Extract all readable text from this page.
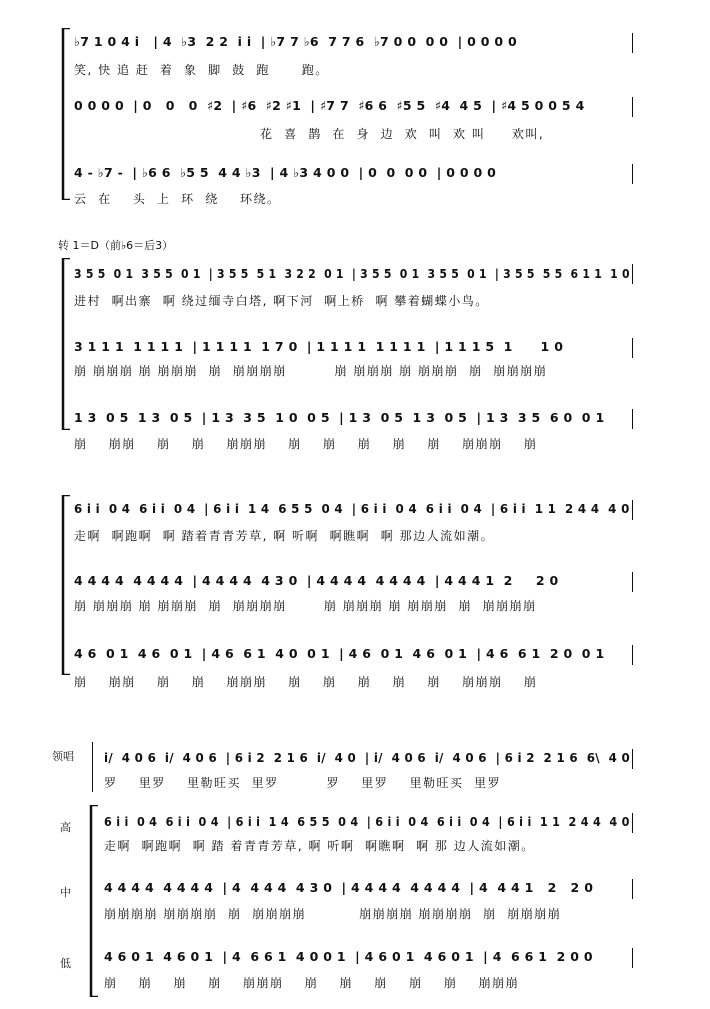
♭7 1 0 4 i   | 4  ♭3  2 2  i i  | ♭7 7 ♭6  7 7 6  ♭7 0 0  0 0  | 0 0 0 0
笑, 快 追 赶  着  象  脚  鼓  跑      跑。
0 0 0 0  | 0   0   0  ♯2  | ♯6  ♯2 ♯1  | ♯7 7  ♯6 6  ♯5 5  ♯4  4 5  | ♯4 5 0 0 5 4
花  喜  鹊  在  身  边  欢  叫  欢 叫     欢叫,
4 - ♭7 -  | ♭6 6  ♭5 5  4 4 ♭3  | 4 ♭3 4 0 0  | 0  0  0 0  | 0 0 0 0
云  在    头  上  环  绕    环绕。
转 1＝D（前♭6＝后3）
3 5 5  0 1  3 5 5  0 1  | 3 5 5  5 1  3 2 2  0 1  | 3 5 5  0 1  3 5 5  0 1  | 3 5 5  5 5  6 1 1  1 0
进村  啊出寨  啊 绕过缅寺白塔, 啊下河  啊上桥  啊 攀着蝴蝶小鸟。
3 1 1 1  1 1 1 1  | 1 1 1 1  1 7 0  | 1 1 1 1  1 1 1 1  | 1 1 1 5  1      1 0
崩 崩崩崩 崩 崩崩崩  崩  崩崩崩崩         崩 崩崩崩 崩 崩崩崩  崩  崩崩崩崩
1 3  0 5  1 3  0 5  | 1 3  3 5  1 0  0 5  | 1 3  0 5  1 3  0 5  | 1 3  3 5  6 0  0 1
崩    崩崩    崩    崩    崩崩崩    崩    崩    崩    崩    崩    崩崩崩    崩
6 i i  0 4  6 i i  0 4  | 6 i i  1 4  6 5 5  0 4  | 6 i i  0 4  6 i i  0 4  | 6 i i  1 1  2 4 4  4 0
走啊  啊跑啊  啊 踏着青青芳草, 啊 听啊  啊瞧啊  啊 那边人流如潮。
4 4 4 4  4 4 4 4  | 4 4 4 4  4 3 0  | 4 4 4 4  4 4 4 4  | 4 4 4 1  2     2 0
崩 崩崩崩 崩 崩崩崩  崩  崩崩崩崩       崩 崩崩崩 崩 崩崩崩  崩  崩崩崩崩
4 6  0 1  4 6  0 1  | 4 6  6 1  4 0  0 1  | 4 6  0 1  4 6  0 1  | 4 6  6 1  2 0  0 1
崩    崩崩    崩    崩    崩崩崩    崩    崩    崩    崩    崩    崩崩崩    崩
领唱
高
中
低
i/  4 0 6  i/  4 0 6  | 6 i 2  2 1 6  i/  4 0  | i/  4 0 6  i/  4 0 6  | 6 i 2  2 1 6  6\  4 0
罗    里罗    里勒旺买  里罗         罗    里罗    里勒旺买  里罗
6 i i  0 4  6 i i  0 4  | 6 i i  1 4  6 5 5  0 4  | 6 i i  0 4  6 i i  0 4  | 6 i i  1 1  2 4 4  4 0
走啊  啊跑啊  啊 踏 着青青芳草, 啊 听啊  啊瞧啊  啊 那 边人流如潮。
4 4 4 4  4 4 4 4  | 4  4 4 4  4 3 0  | 4 4 4 4  4 4 4 4  | 4  4 4 1   2   2 0
崩崩崩崩 崩崩崩崩  崩  崩崩崩崩          崩崩崩崩 崩崩崩崩  崩  崩崩崩崩
4 6 0 1  4 6 0 1  | 4  6 6 1  4 0 0 1  | 4 6 0 1  4 6 0 1  | 4  6 6 1  2 0 0
崩    崩    崩    崩    崩崩崩    崩    崩    崩    崩    崩    崩崩崩
